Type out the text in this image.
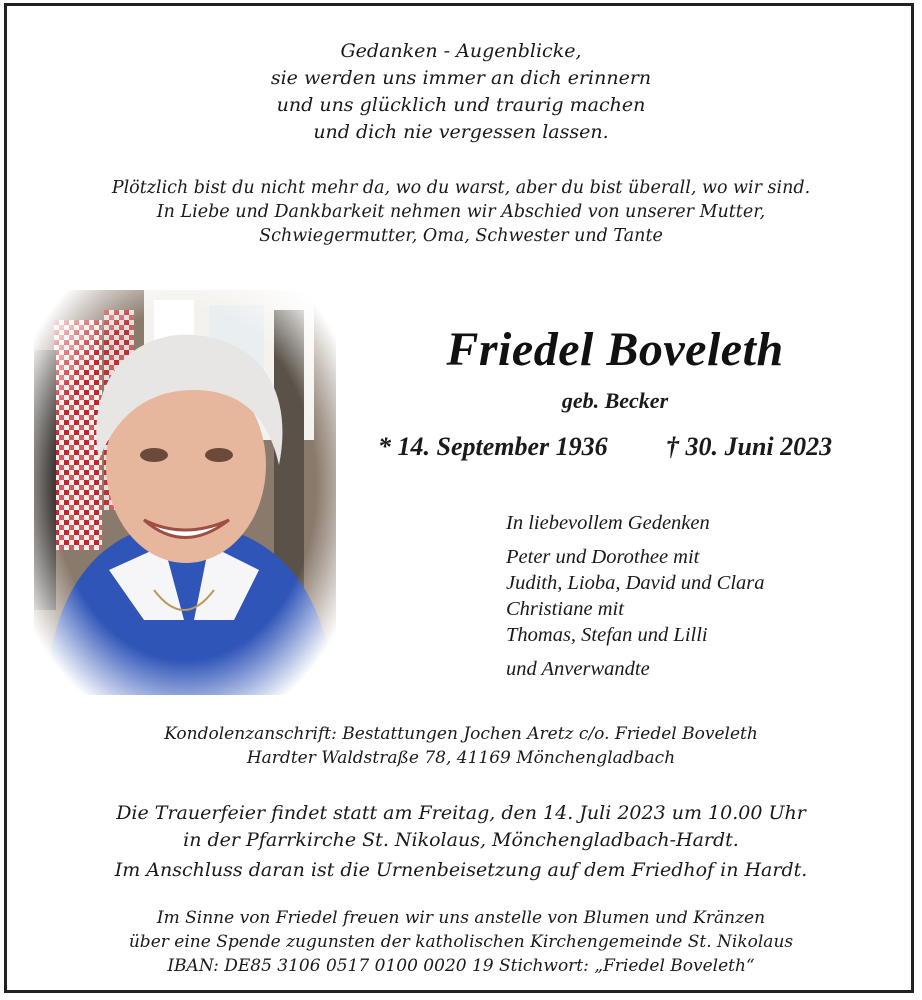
Gedanken - Augenblicke,
sie werden uns immer an dich erinnern
und uns glücklich und traurig machen
und dich nie vergessen lassen.
Plötzlich bist du nicht mehr da, wo du warst, aber du bist überall, wo wir sind.
In Liebe und Dankbarkeit nehmen wir Abschied von unserer Mutter,
Schwiegermutter, Oma, Schwester und Tante
Friedel Boveleth
geb. Becker
* 14. September 1936 † 30. Juni 2023
In liebevollem Gedenken
Peter und Dorothee mit
Judith, Lioba, David und Clara
Christiane mit
Thomas, Stefan und Lilli
und Anverwandte
Kondolenzanschrift: Bestattungen Jochen Aretz c/o. Friedel Boveleth
Hardter Waldstraße 78, 41169 Mönchengladbach
Die Trauerfeier findet statt am Freitag, den 14. Juli 2023 um 10.00 Uhr
in der Pfarrkirche St. Nikolaus, Mönchengladbach-Hardt.
Im Anschluss daran ist die Urnenbeisetzung auf dem Friedhof in Hardt.
Im Sinne von Friedel freuen wir uns anstelle von Blumen und Kränzen
über eine Spende zugunsten der katholischen Kirchengemeinde St. Nikolaus
IBAN: DE85 3106 0517 0100 0020 19 Stichwort: „Friedel Boveleth“
